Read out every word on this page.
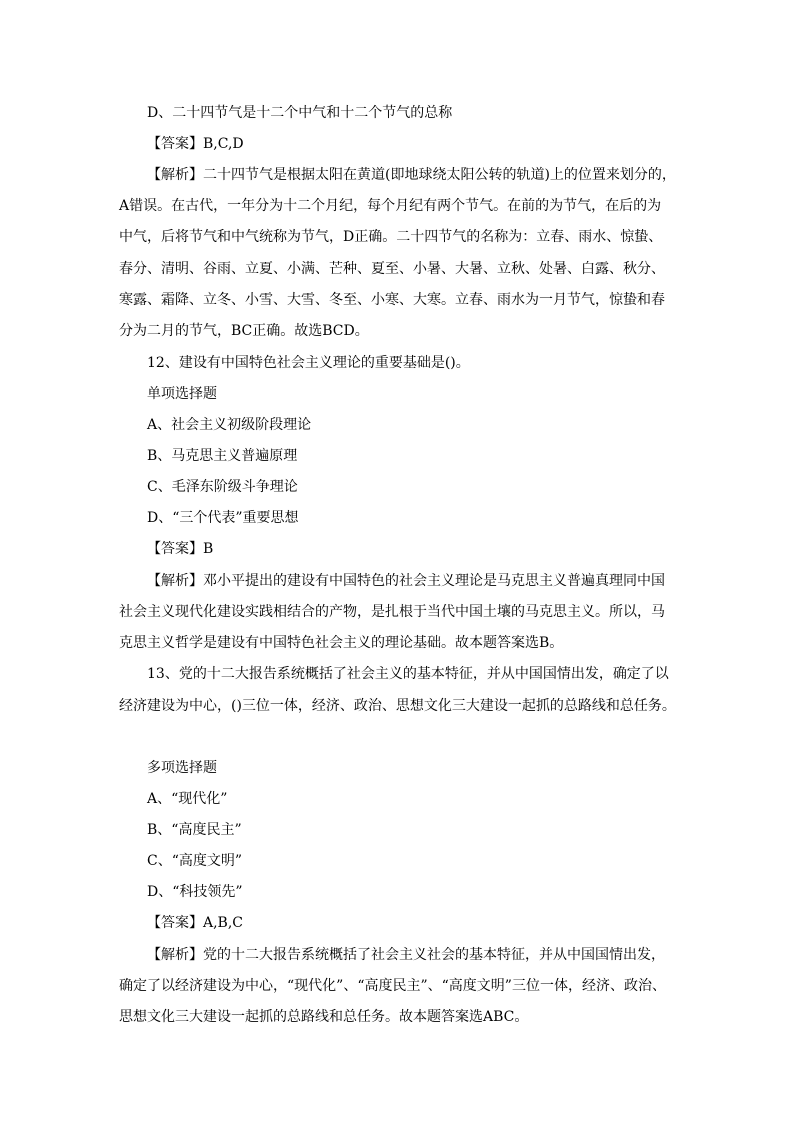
D、二十四节气是十二个中气和十二个节气的总称
【答案】B,C,D
【解析】二十四节气是根据太阳在黄道(即地球绕太阳公转的轨道)上的位置来划分的，
A错误。在古代，一年分为十二个月纪，每个月纪有两个节气。在前的为节气，在后的为
中气，后将节气和中气统称为节气，D正确。二十四节气的名称为：立春、雨水、惊蛰、
春分、清明、谷雨、立夏、小满、芒种、夏至、小暑、大暑、立秋、处暑、白露、秋分、
寒露、霜降、立冬、小雪、大雪、冬至、小寒、大寒。立春、雨水为一月节气，惊蛰和春
分为二月的节气，BC正确。故选BCD。
12、建设有中国特色社会主义理论的重要基础是()。
单项选择题
A、社会主义初级阶段理论
B、马克思主义普遍原理
C、毛泽东阶级斗争理论
D、“三个代表”重要思想
【答案】B
【解析】邓小平提出的建设有中国特色的社会主义理论是马克思主义普遍真理同中国
社会主义现代化建设实践相结合的产物，是扎根于当代中国土壤的马克思主义。所以，马
克思主义哲学是建设有中国特色社会主义的理论基础。故本题答案选B。
13、党的十二大报告系统概括了社会主义的基本特征，并从中国国情出发，确定了以
经济建设为中心，()三位一体，经济、政治、思想文化三大建设一起抓的总路线和总任务。
多项选择题
A、“现代化”
B、“高度民主”
C、“高度文明”
D、“科技领先”
【答案】A,B,C
【解析】党的十二大报告系统概括了社会主义社会的基本特征，并从中国国情出发，
确定了以经济建设为中心，“现代化”、“高度民主”、“高度文明”三位一体，经济、政治、
思想文化三大建设一起抓的总路线和总任务。故本题答案选ABC。
